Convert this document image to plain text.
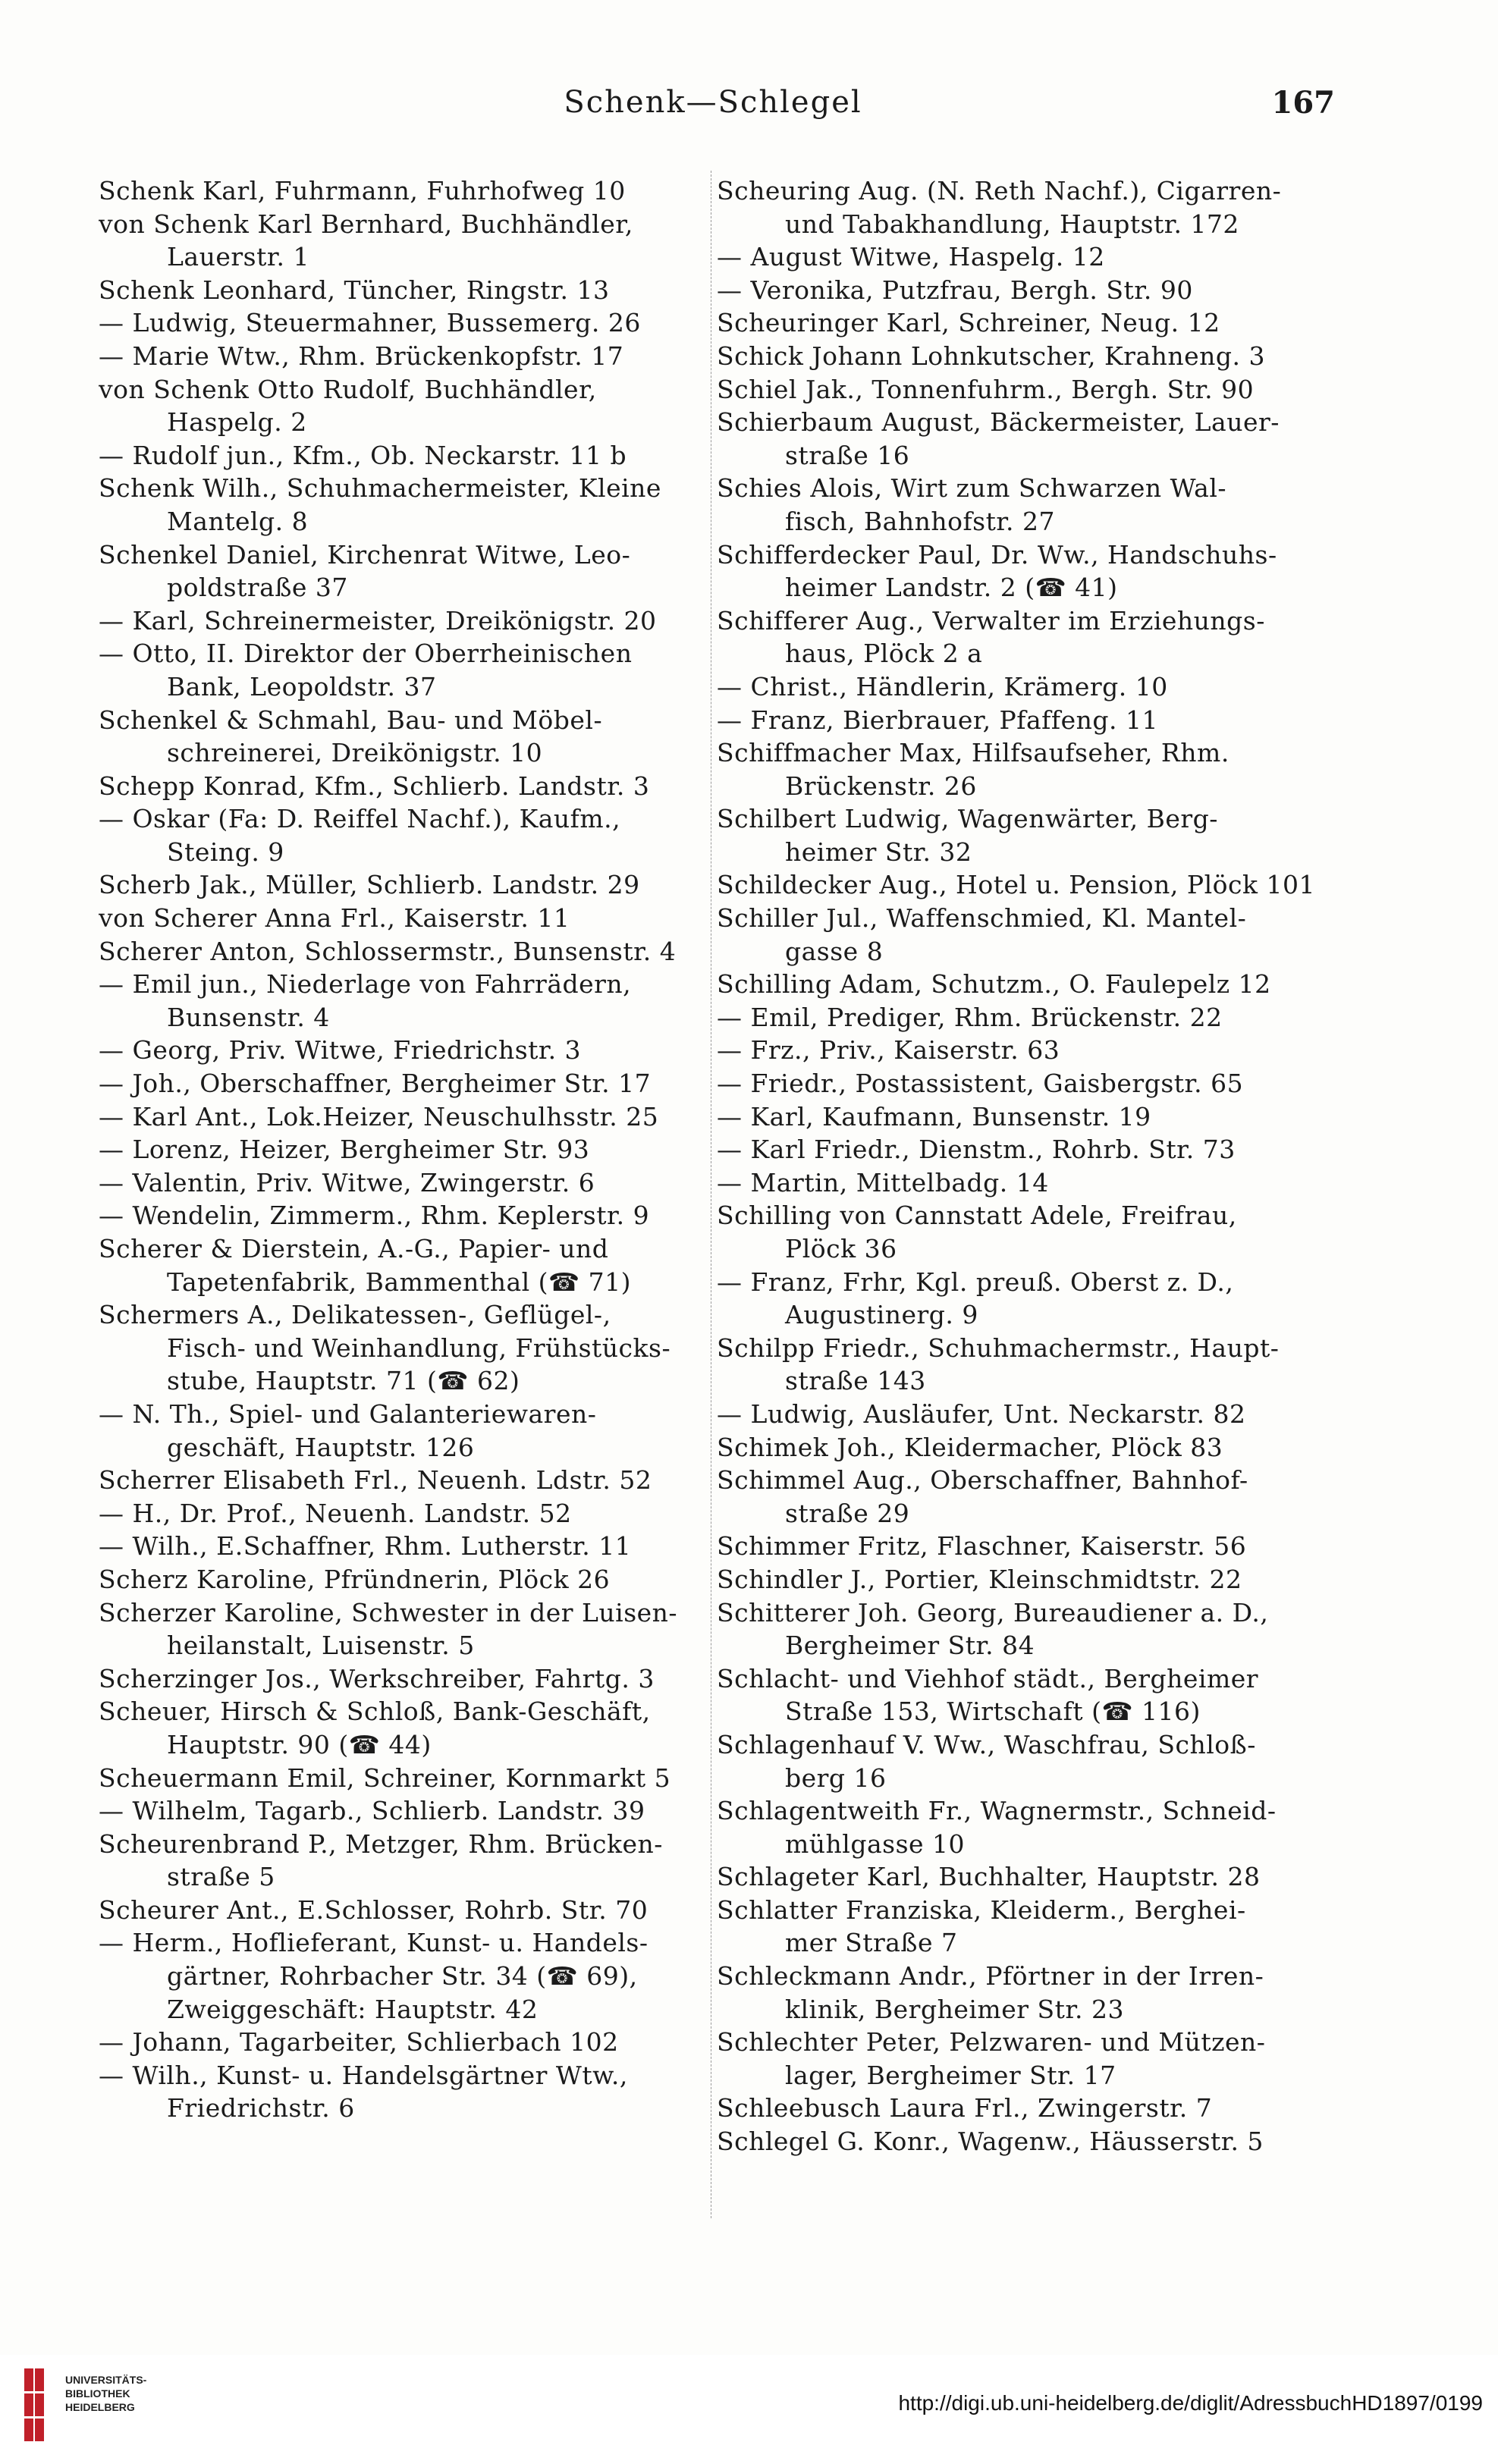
Schenk—Schlegel	167
Schenk Karl, Fuhrmann, Fuhrhofweg 10
von Schenk Karl Bernhard, Buchhändler,
Lauerstr. 1
Schenk Leonhard, Tüncher, Ringstr. 13
— Ludwig, Steuermahner, Bussemerg. 26
— Marie Wtw., Rhm. Brückenkopfstr. 17
von Schenk Otto Rudolf, Buchhändler,
Haspelg. 2
— Rudolf jun., Kfm., Ob. Neckarstr. 11 b
Schenk Wilh., Schuhmachermeister, Kleine
Mantelg. 8
Schenkel Daniel, Kirchenrat Witwe, Leo-
poldstraße 37
— Karl, Schreinermeister, Dreikönigstr. 20
— Otto, II. Direktor der Oberrheinischen
Bank, Leopoldstr. 37
Schenkel & Schmahl, Bau- und Möbel-
schreinerei, Dreikönigstr. 10
Schepp Konrad, Kfm., Schlierb. Landstr. 3
— Oskar (Fa: D. Reiffel Nachf.), Kaufm.,
Steing. 9
Scherb Jak., Müller, Schlierb. Landstr. 29
von Scherer Anna Frl., Kaiserstr. 11
Scherer Anton, Schlossermstr., Bunsenstr. 4
— Emil jun., Niederlage von Fahrrädern,
Bunsenstr. 4
— Georg, Priv. Witwe, Friedrichstr. 3
— Joh., Oberschaffner, Bergheimer Str. 17
— Karl Ant., Lok.Heizer, Neuschulhsstr. 25
— Lorenz, Heizer, Bergheimer Str. 93
— Valentin, Priv. Witwe, Zwingerstr. 6
— Wendelin, Zimmerm., Rhm. Keplerstr. 9
Scherer & Dierstein, A.-G., Papier- und
Tapetenfabrik, Bammenthal (☎ 71)
Schermers A., Delikatessen-, Geflügel-,
Fisch- und Weinhandlung, Frühstücks-
stube, Hauptstr. 71 (☎ 62)
— N. Th., Spiel- und Galanteriewaren-
geschäft, Hauptstr. 126
Scherrer Elisabeth Frl., Neuenh. Ldstr. 52
— H., Dr. Prof., Neuenh. Landstr. 52
— Wilh., E.Schaffner, Rhm. Lutherstr. 11
Scherz Karoline, Pfründnerin, Plöck 26
Scherzer Karoline, Schwester in der Luisen-
heilanstalt, Luisenstr. 5
Scherzinger Jos., Werkschreiber, Fahrtg. 3
Scheuer, Hirsch & Schloß, Bank-Geschäft,
Hauptstr. 90 (☎ 44)
Scheuermann Emil, Schreiner, Kornmarkt 5
— Wilhelm, Tagarb., Schlierb. Landstr. 39
Scheurenbrand P., Metzger, Rhm. Brücken-
straße 5
Scheurer Ant., E.Schlosser, Rohrb. Str. 70
— Herm., Hoflieferant, Kunst- u. Handels-
gärtner, Rohrbacher Str. 34 (☎ 69),
Zweiggeschäft: Hauptstr. 42
— Johann, Tagarbeiter, Schlierbach 102
— Wilh., Kunst- u. Handelsgärtner Wtw.,
Friedrichstr. 6
Scheuring Aug. (N. Reth Nachf.), Cigarren-
und Tabakhandlung, Hauptstr. 172
— August Witwe, Haspelg. 12
— Veronika, Putzfrau, Bergh. Str. 90
Scheuringer Karl, Schreiner, Neug. 12
Schick Johann Lohnkutscher, Krahneng. 3
Schiel Jak., Tonnenfuhrm., Bergh. Str. 90
Schierbaum August, Bäckermeister, Lauer-
straße 16
Schies Alois, Wirt zum Schwarzen Wal-
fisch, Bahnhofstr. 27
Schifferdecker Paul, Dr. Ww., Handschuhs-
heimer Landstr. 2 (☎ 41)
Schifferer Aug., Verwalter im Erziehungs-
haus, Plöck 2 a
— Christ., Händlerin, Krämerg. 10
— Franz, Bierbrauer, Pfaffeng. 11
Schiffmacher Max, Hilfsaufseher, Rhm.
Brückenstr. 26
Schilbert Ludwig, Wagenwärter, Berg-
heimer Str. 32
Schildecker Aug., Hotel u. Pension, Plöck 101
Schiller Jul., Waffenschmied, Kl. Mantel-
gasse 8
Schilling Adam, Schutzm., O. Faulepelz 12
— Emil, Prediger, Rhm. Brückenstr. 22
— Frz., Priv., Kaiserstr. 63
— Friedr., Postassistent, Gaisbergstr. 65
— Karl, Kaufmann, Bunsenstr. 19
— Karl Friedr., Dienstm., Rohrb. Str. 73
— Martin, Mittelbadg. 14
Schilling von Cannstatt Adele, Freifrau,
Plöck 36
— Franz, Frhr, Kgl. preuß. Oberst z. D.,
Augustinerg. 9
Schilpp Friedr., Schuhmachermstr., Haupt-
straße 143
— Ludwig, Ausläufer, Unt. Neckarstr. 82
Schimek Joh., Kleidermacher, Plöck 83
Schimmel Aug., Oberschaffner, Bahnhof-
straße 29
Schimmer Fritz, Flaschner, Kaiserstr. 56
Schindler J., Portier, Kleinschmidtstr. 22
Schitterer Joh. Georg, Bureaudiener a. D.,
Bergheimer Str. 84
Schlacht- und Viehhof städt., Bergheimer
Straße 153, Wirtschaft (☎ 116)
Schlagenhauf V. Ww., Waschfrau, Schloß-
berg 16
Schlagentweith Fr., Wagnermstr., Schneid-
mühlgasse 10
Schlageter Karl, Buchhalter, Hauptstr. 28
Schlatter Franziska, Kleiderm., Berghei-
mer Straße 7
Schleckmann Andr., Pförtner in der Irren-
klinik, Bergheimer Str. 23
Schlechter Peter, Pelzwaren- und Mützen-
lager, Bergheimer Str. 17
Schleebusch Laura Frl., Zwingerstr. 7
Schlegel G. Konr., Wagenw., Häusserstr. 5
UNIVERSITÄTS-
BIBLIOTHEK
HEIDELBERG	http://digi.ub.uni-heidelberg.de/diglit/AdressbuchHD1897/0199
